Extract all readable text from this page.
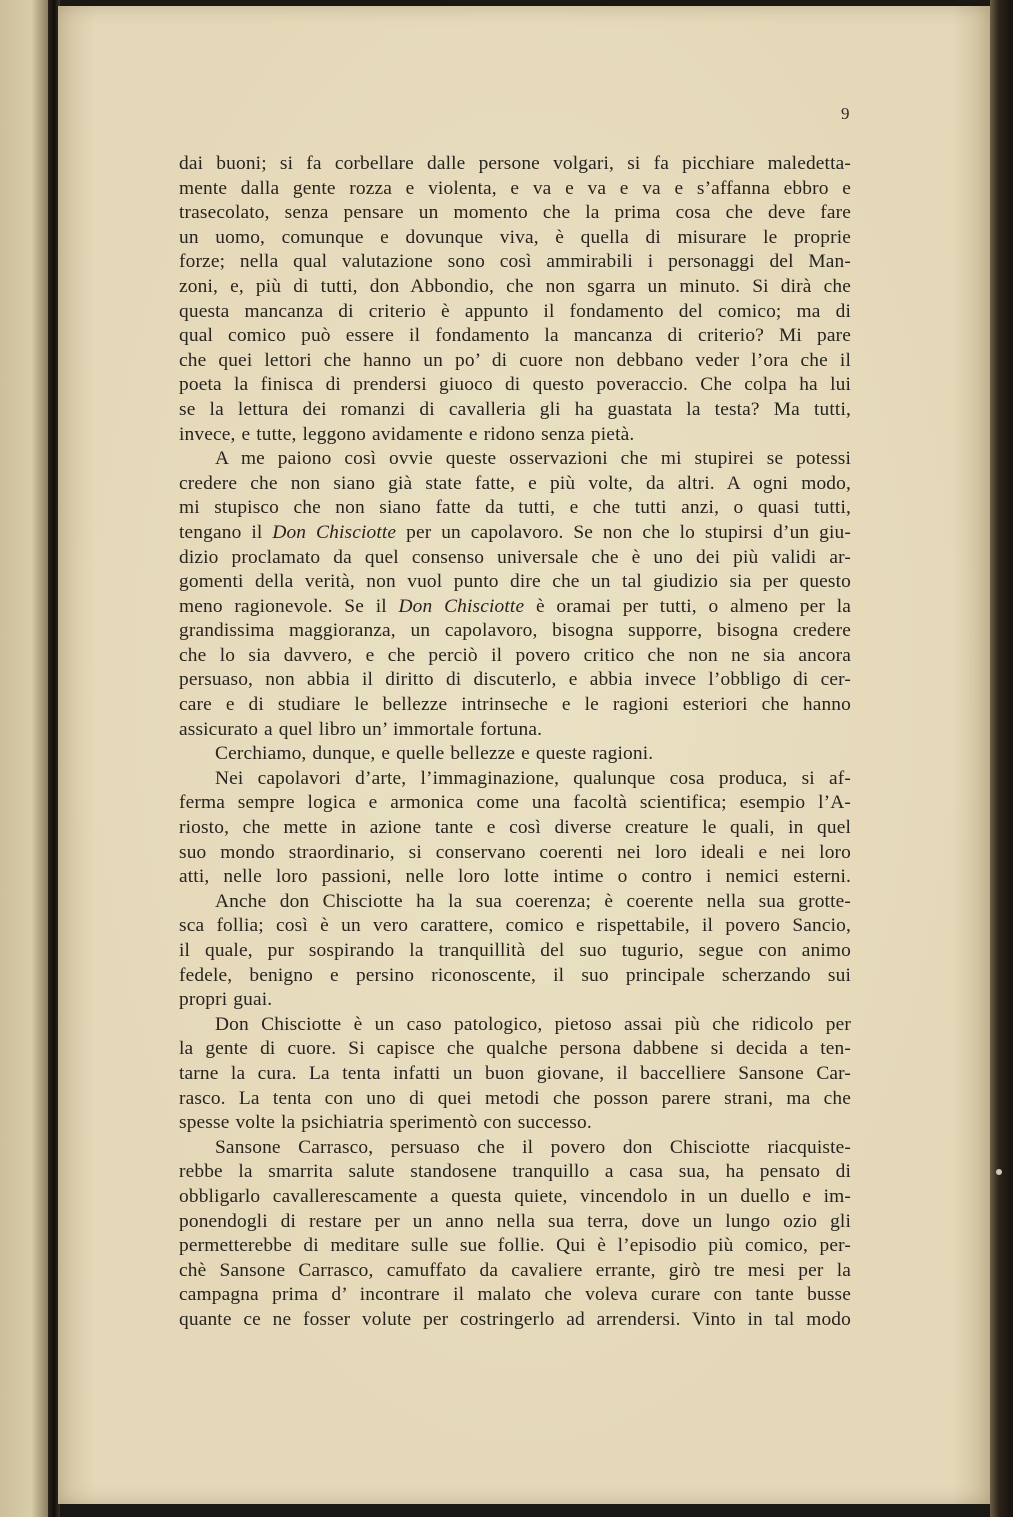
9
dai buoni; si fa corbellare dalle persone volgari, si fa picchiare maledetta-
mente dalla gente rozza e violenta, e va e va e va e s’affanna ebbro e
trasecolato, senza pensare un momento che la prima cosa che deve fare
un uomo, comunque e dovunque viva, è quella di misurare le proprie
forze; nella qual valutazione sono così ammirabili i personaggi del Man-
zoni, e, più di tutti, don Abbondio, che non sgarra un minuto. Si dirà che
questa mancanza di criterio è appunto il fondamento del comico; ma di
qual comico può essere il fondamento la mancanza di criterio? Mi pare
che quei lettori che hanno un po’ di cuore non debbano veder l’ora che il
poeta la finisca di prendersi giuoco di questo poveraccio. Che colpa ha lui
se la lettura dei romanzi di cavalleria gli ha guastata la testa? Ma tutti,
invece, e tutte, leggono avidamente e ridono senza pietà.
A me paiono così ovvie queste osservazioni che mi stupirei se potessi
credere che non siano già state fatte, e più volte, da altri. A ogni modo,
mi stupisco che non siano fatte da tutti, e che tutti anzi, o quasi tutti,
tengano il Don Chisciotte per un capolavoro. Se non che lo stupirsi d’un giu-
dizio proclamato da quel consenso universale che è uno dei più validi ar-
gomenti della verità, non vuol punto dire che un tal giudizio sia per questo
meno ragionevole. Se il Don Chisciotte è oramai per tutti, o almeno per la
grandissima maggioranza, un capolavoro, bisogna supporre, bisogna credere
che lo sia davvero, e che perciò il povero critico che non ne sia ancora
persuaso, non abbia il diritto di discuterlo, e abbia invece l’obbligo di cer-
care e di studiare le bellezze intrinseche e le ragioni esteriori che hanno
assicurato a quel libro un’ immortale fortuna.
Cerchiamo, dunque, e quelle bellezze e queste ragioni.
Nei capolavori d’arte, l’immaginazione, qualunque cosa produca, si af-
ferma sempre logica e armonica come una facoltà scientifica; esempio l’A-
riosto, che mette in azione tante e così diverse creature le quali, in quel
suo mondo straordinario, si conservano coerenti nei loro ideali e nei loro
atti, nelle loro passioni, nelle loro lotte intime o contro i nemici esterni.
Anche don Chisciotte ha la sua coerenza; è coerente nella sua grotte-
sca follia; così è un vero carattere, comico e rispettabile, il povero Sancio,
il quale, pur sospirando la tranquillità del suo tugurio, segue con animo
fedele, benigno e persino riconoscente, il suo principale scherzando sui
propri guai.
Don Chisciotte è un caso patologico, pietoso assai più che ridicolo per
la gente di cuore. Si capisce che qualche persona dabbene si decida a ten-
tarne la cura. La tenta infatti un buon giovane, il baccelliere Sansone Car-
rasco. La tenta con uno di quei metodi che posson parere strani, ma che
spesse volte la psichiatria sperimentò con successo.
Sansone Carrasco, persuaso che il povero don Chisciotte riacquiste-
rebbe la smarrita salute standosene tranquillo a casa sua, ha pensato di
obbligarlo cavallerescamente a questa quiete, vincendolo in un duello e im-
ponendogli di restare per un anno nella sua terra, dove un lungo ozio gli
permetterebbe di meditare sulle sue follie. Qui è l’episodio più comico, per-
chè Sansone Carrasco, camuffato da cavaliere errante, girò tre mesi per la
campagna prima d’ incontrare il malato che voleva curare con tante busse
quante ce ne fosser volute per costringerlo ad arrendersi. Vinto in tal modo
